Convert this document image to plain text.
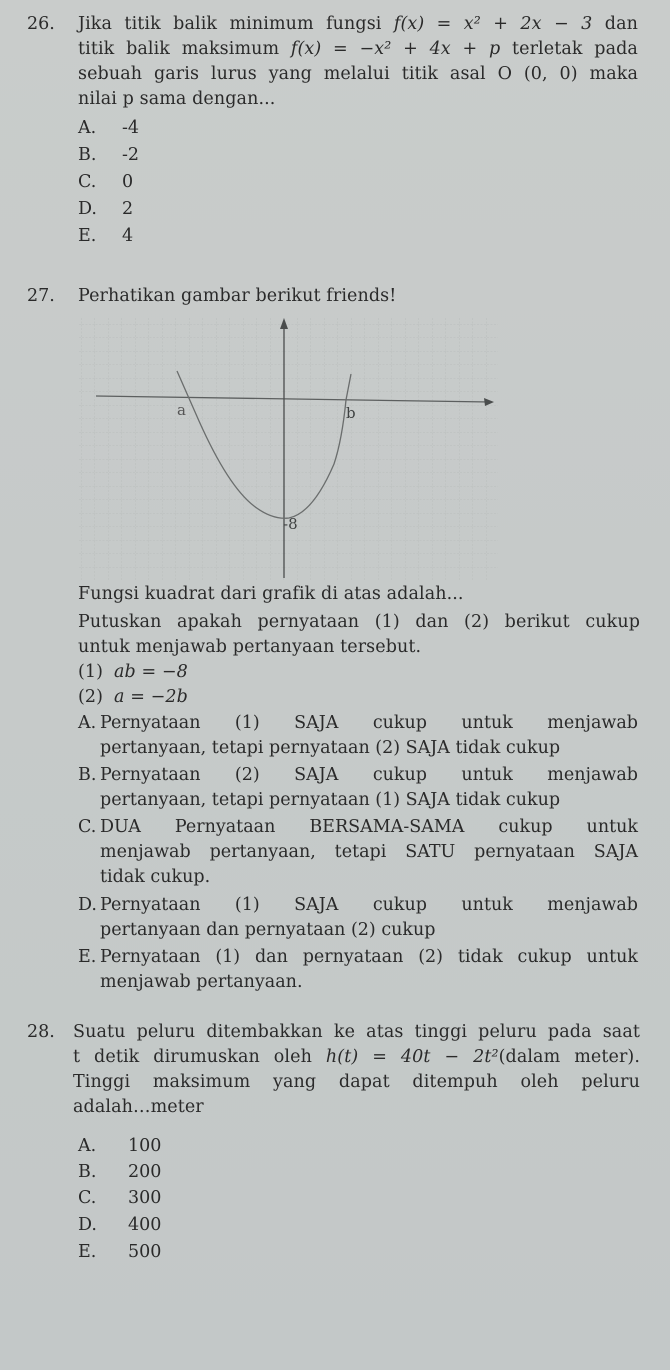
26. Jika titik balik minimum fungsi f(x) = x² + 2x − 3 dan
titik balik maksimum f(x) = −x² + 4x + p terletak pada
sebuah garis lurus yang melalui titik asal O (0, 0) maka
nilai p sama dengan...
A. -4
B. -2
C. 0
D. 2
E. 4
27. Perhatikan gambar berikut friends!
a	b
-8
Fungsi kuadrat dari grafik di atas adalah...
Putuskan apakah pernyataan (1) dan (2) berikut cukup
untuk menjawab pertanyaan tersebut.
(1) ab = −8
(2) a = −2b
A. Pernyataan (1) SAJA cukup untuk menjawab
pertanyaan, tetapi pernyataan (2) SAJA tidak cukup
B. Pernyataan (2) SAJA cukup untuk menjawab
pertanyaan, tetapi pernyataan (1) SAJA tidak cukup
C. DUA Pernyataan BERSAMA-SAMA cukup untuk
menjawab pertanyaan, tetapi SATU pernyataan SAJA
tidak cukup.
D. Pernyataan (1) SAJA cukup untuk menjawab
pertanyaan dan pernyataan (2) cukup
E. Pernyataan (1) dan pernyataan (2) tidak cukup untuk
menjawab pertanyaan.
28. Suatu peluru ditembakkan ke atas tinggi peluru pada saat
t detik dirumuskan oleh h(t) = 40t − 2t²(dalam meter).
Tinggi maksimum yang dapat ditempuh oleh peluru
adalah…meter
A. 100
B. 200
C. 300
D. 400
E. 500
